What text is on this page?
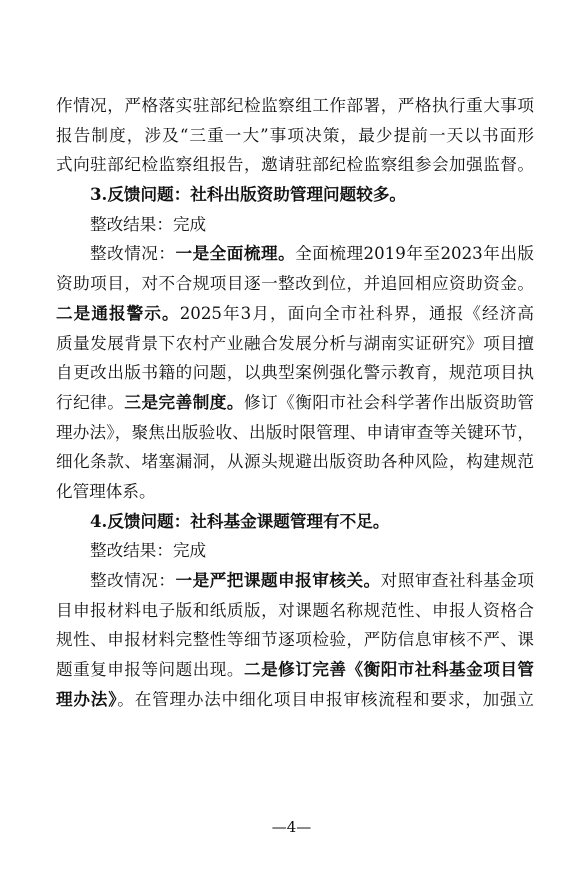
作情况，严格落实驻部纪检监察组工作部署，严格执行重大事项
报告制度，涉及“三重一大”事项决策，最少提前一天以书面形
式向驻部纪检监察组报告，邀请驻部纪检监察组参会加强监督。
3.反馈问题：社科出版资助管理问题较多。
整改结果：完成
整改情况：一是全面梳理。全面梳理2019年至2023年出版
资助项目，对不合规项目逐一整改到位，并追回相应资助资金。
二是通报警示。2025年3月，面向全市社科界，通报《经济高
质量发展背景下农村产业融合发展分析与湖南实证研究》项目擅
自更改出版书籍的问题，以典型案例强化警示教育，规范项目执
行纪律。三是完善制度。修订《衡阳市社会科学著作出版资助管
理办法》，聚焦出版验收、出版时限管理、申请审查等关键环节，
细化条款、堵塞漏洞，从源头规避出版资助各种风险，构建规范
化管理体系。
4.反馈问题：社科基金课题管理有不足。
整改结果：完成
整改情况：一是严把课题申报审核关。对照审查社科基金项
目申报材料电子版和纸质版，对课题名称规范性、申报人资格合
规性、申报材料完整性等细节逐项检验，严防信息审核不严、课
题重复申报等问题出现。二是修订完善《衡阳市社科基金项目管
理办法》。在管理办法中细化项目申报审核流程和要求，加强立
—4—
